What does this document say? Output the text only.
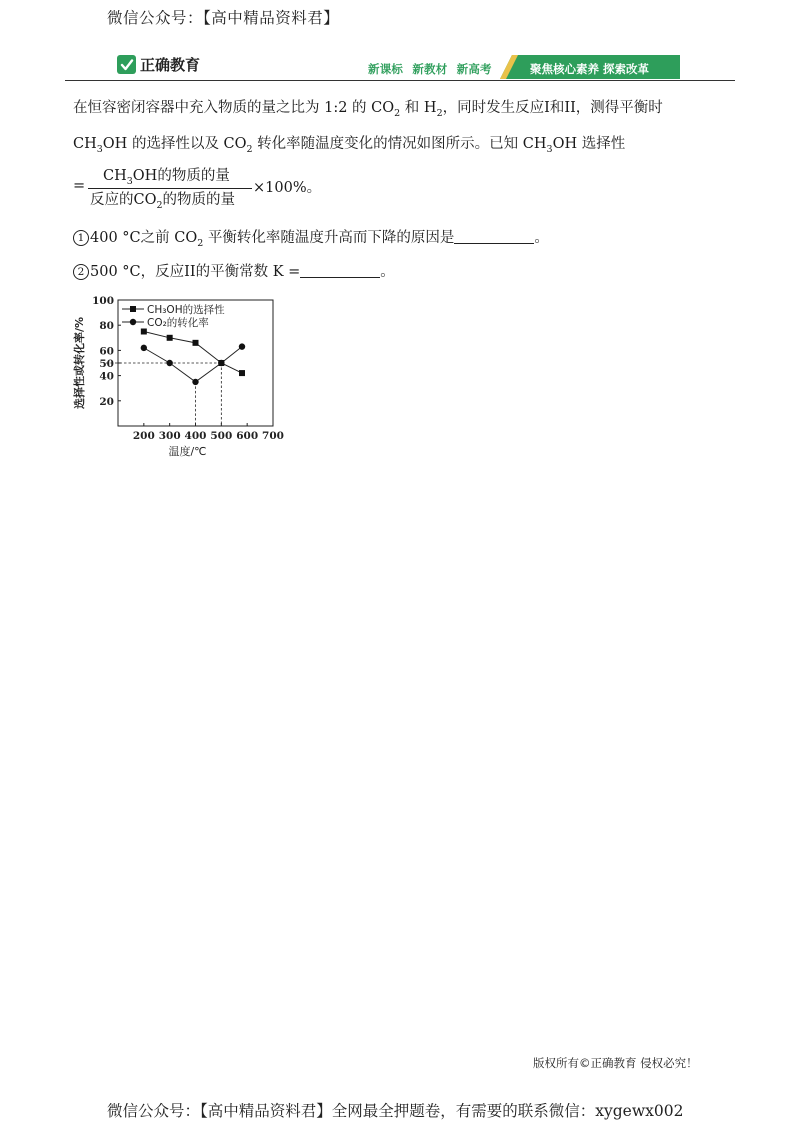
微信公众号：【高中精品资料君】
正确教育	新课标 新教材 新高考	聚焦核心素养 探索改革
在恒容密闭容器中充入物质的量之比为 1:2 的 $CO_2$ 和 $H_2$，同时发生反应I和II，测得平衡时
$CH_3OH$ 的选择性以及 $CO_2$ 转化率随温度变化的情况如图所示。已知 $CH_3OH$ 选择性
=
$CH_3OH$的物质的量
反应的$CO_2$的物质的量
×100%。
1 400 °C之前 $CO_2$ 平衡转化率随温度升高而下降的原因是	。
2 500 °C，反应II的平衡常数 K =	。
200 300 400 500 600 700
20
40
50
60
80
100
CH₃OH的选择性
CO₂的转化率
温度/℃
选择性或转化率/%
版权所有©正确教育 侵权必究！
微信公众号：【高中精品资料君】全网最全押题卷，有需要的联系微信：xygewx002
